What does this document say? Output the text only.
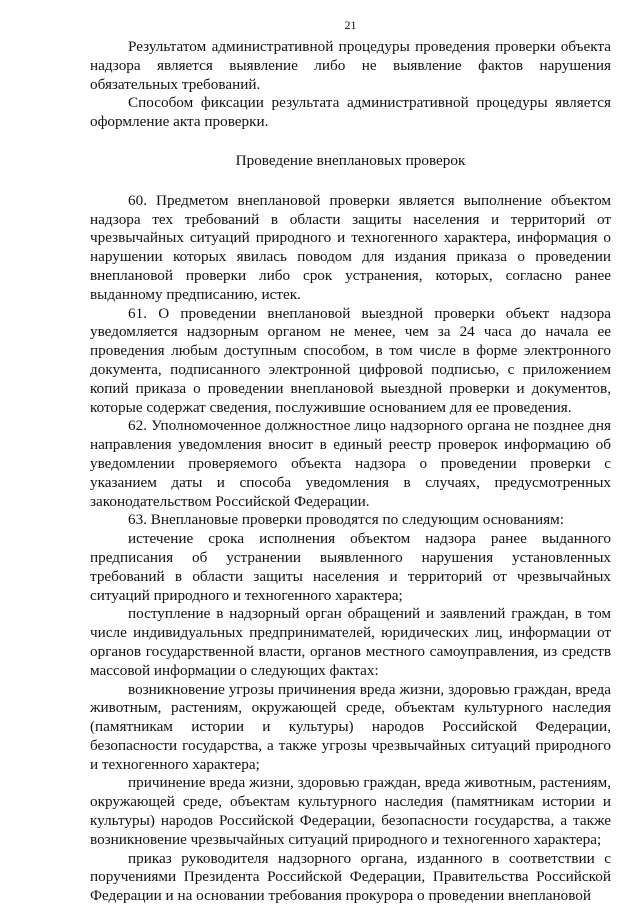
21

Результатом административной процедуры проведения проверки объекта надзора является выявление либо не выявление фактов нарушения обязательных требований.

Способом фиксации результата административной процедуры является оформление акта проверки.

Проведение внеплановых проверок

60. Предметом внеплановой проверки является выполнение объектом надзора тех требований в области защиты населения и территорий от чрезвычайных ситуаций природного и техногенного характера, информация о нарушении которых явилась поводом для издания приказа о проведении внеплановой проверки либо срок устранения, которых, согласно ранее выданному предписанию, истек.

61. О проведении внеплановой выездной проверки объект надзора уведомляется надзорным органом не менее, чем за 24 часа до начала ее проведения любым доступным способом, в том числе в форме электронного документа, подписанного электронной цифровой подписью, с приложением копий приказа о проведении внеплановой выездной проверки и документов, которые содержат сведения, послужившие основанием для ее проведения.

62. Уполномоченное должностное лицо надзорного органа не позднее дня направления уведомления вносит в единый реестр проверок информацию об уведомлении проверяемого объекта надзора о проведении проверки с указанием даты и способа уведомления в случаях, предусмотренных законодательством Российской Федерации.

63. Внеплановые проверки проводятся по следующим основаниям:

истечение срока исполнения объектом надзора ранее выданного предписания об устранении выявленного нарушения установленных требований в области защиты населения и территорий от чрезвычайных ситуаций природного и техногенного характера;

поступление в надзорный орган обращений и заявлений граждан, в том числе индивидуальных предпринимателей, юридических лиц, информации от органов государственной власти, органов местного самоуправления, из средств массовой информации о следующих фактах:

возникновение угрозы причинения вреда жизни, здоровью граждан, вреда животным, растениям, окружающей среде, объектам культурного наследия (памятникам истории и культуры) народов Российской Федерации, безопасности государства, а также угрозы чрезвычайных ситуаций природного и техногенного характера;

причинение вреда жизни, здоровью граждан, вреда животным, растениям, окружающей среде, объектам культурного наследия (памятникам истории и культуры) народов Российской Федерации, безопасности государства, а также возникновение чрезвычайных ситуаций природного и техногенного характера;

приказ руководителя надзорного органа, изданного в соответствии с поручениями Президента Российской Федерации, Правительства Российской Федерации и на основании требования прокурора о проведении внеплановой
